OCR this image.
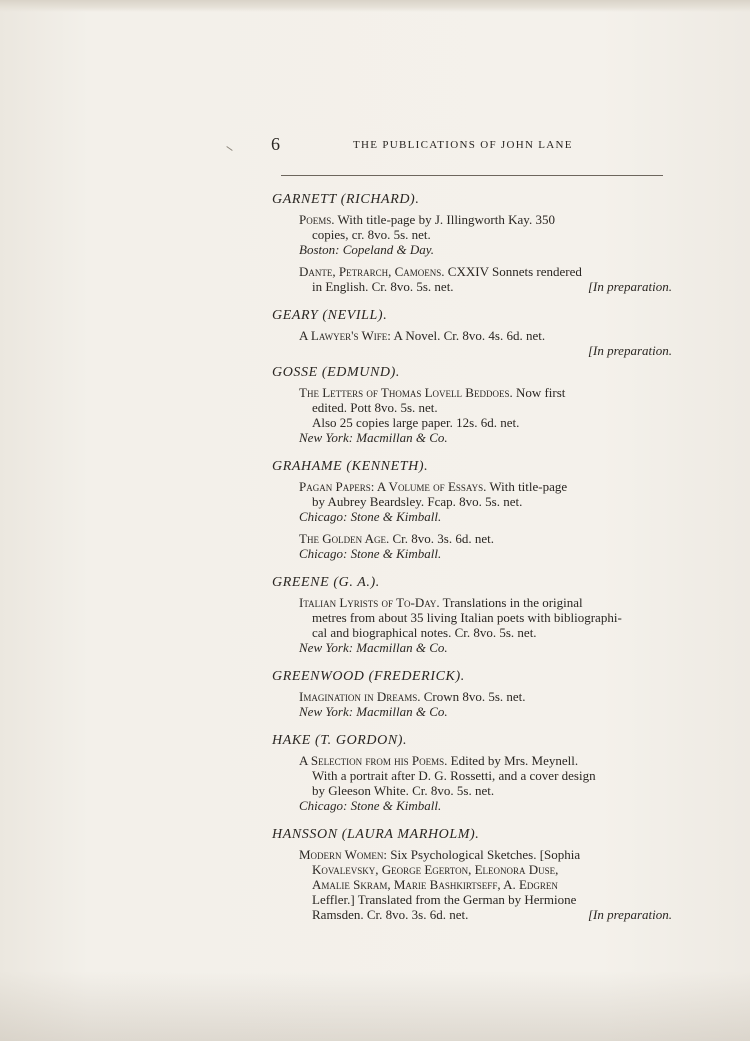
6	THE PUBLICATIONS OF JOHN LANE
GARNETT (RICHARD).
Poems. With title-page by J. Illingworth Kay. 350
copies, cr. 8vo. 5s. net.
Boston: Copeland & Day.
Dante, Petrarch, Camoens. CXXIV Sonnets rendered
in English. Cr. 8vo. 5s. net.	[In preparation.
GEARY (NEVILL).
A Lawyer's Wife: A Novel. Cr. 8vo. 4s. 6d. net.
[In preparation.
GOSSE (EDMUND).
The Letters of Thomas Lovell Beddoes. Now first
edited. Pott 8vo. 5s. net.
Also 25 copies large paper. 12s. 6d. net.
New York: Macmillan & Co.
GRAHAME (KENNETH).
Pagan Papers: A Volume of Essays. With title-page
by Aubrey Beardsley. Fcap. 8vo. 5s. net.
Chicago: Stone & Kimball.
The Golden Age. Cr. 8vo. 3s. 6d. net.
Chicago: Stone & Kimball.
GREENE (G. A.).
Italian Lyrists of To-Day. Translations in the original
metres from about 35 living Italian poets with bibliographi-
cal and biographical notes. Cr. 8vo. 5s. net.
New York: Macmillan & Co.
GREENWOOD (FREDERICK).
Imagination in Dreams. Crown 8vo. 5s. net.
New York: Macmillan & Co.
HAKE (T. GORDON).
A Selection from his Poems. Edited by Mrs. Meynell.
With a portrait after D. G. Rossetti, and a cover design
by Gleeson White. Cr. 8vo. 5s. net.
Chicago: Stone & Kimball.
HANSSON (LAURA MARHOLM).
Modern Women: Six Psychological Sketches. [Sophia
Kovalevsky, George Egerton, Eleonora Duse,
Amalie Skram, Marie Bashkirtseff, A. Edgren
Leffler.] Translated from the German by Hermione
Ramsden. Cr. 8vo. 3s. 6d. net.	[In preparation.
